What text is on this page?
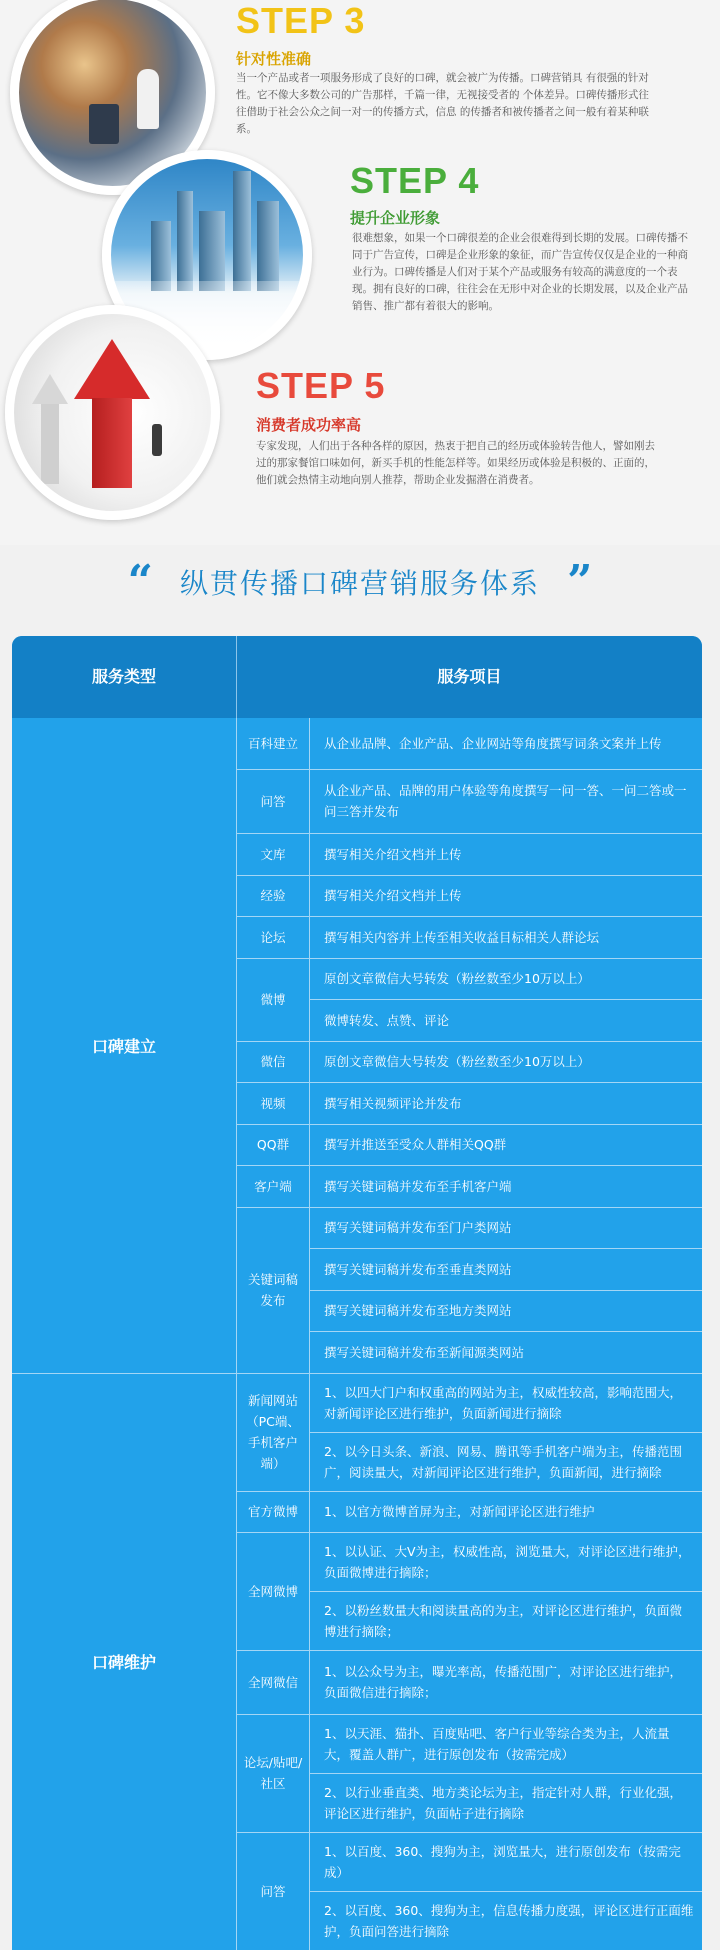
STEP 3
针对性准确
当一个产品或者一项服务形成了良好的口碑，就会被广为传播。口碑营销具 有很强的针对性。它不像大多数公司的广告那样，千篇一律，无视接受者的 个体差异。口碑传播形式往往借助于社会公众之间一对一的传播方式，信息 的传播者和被传播者之间一般有着某种联系。
STEP 4
提升企业形象
很难想象，如果一个口碑很差的企业会很难得到长期的发展。口碑传播不同于广告宣传，口碑是企业形象的象征，而广告宣传仅仅是企业的一种商业行为。口碑传播是人们对于某个产品或服务有较高的满意度的一个表现。拥有良好的口碑，往往会在无形中对企业的长期发展，以及企业产品销售、推广都有着很大的影响。
STEP 5
消费者成功率高
专家发现，人们出于各种各样的原因，热衷于把自己的经历或体验转告他人，譬如刚去过的那家餐馆口味如何，新买手机的性能怎样等。如果经历或体验是积极的、正面的，他们就会热情主动地向别人推荐，帮助企业发掘潜在消费者。
“ 纵贯传播口碑营销服务体系 ”
服务类型	服务项目
口碑建立
口碑维护
百科建立
问答
文库
经验
论坛
微博
微信
视频
QQ群
客户端
关键词稿发布
新闻网站（PC端、手机客户端）
官方微博
全网微博
全网微信
论坛/贴吧/社区
问答
从企业品牌、企业产品、企业网站等角度撰写词条文案并上传
从企业产品、品牌的用户体验等角度撰写一问一答、一问二答或一问三答并发布
撰写相关介绍文档并上传
撰写相关介绍文档并上传
撰写相关内容并上传至相关收益目标相关人群论坛
原创文章微信大号转发（粉丝数至少10万以上）
微博转发、点赞、评论
原创文章微信大号转发（粉丝数至少10万以上）
撰写相关视频评论并发布
撰写并推送至受众人群相关QQ群
撰写关键词稿并发布至手机客户端
撰写关键词稿并发布至门户类网站
撰写关键词稿并发布至垂直类网站
撰写关键词稿并发布至地方类网站
撰写关键词稿并发布至新闻源类网站
1、以四大门户和权重高的网站为主，权威性较高，影响范围大，对新闻评论区进行维护，负面新闻进行摘除
2、以今日头条、新浪、网易、腾讯等手机客户端为主，传播范围广，阅读量大，对新闻评论区进行维护，负面新闻，进行摘除
1、以官方微博首屏为主，对新闻评论区进行维护
1、以认证、大V为主，权威性高，浏览量大，对评论区进行维护，负面微博进行摘除；
2、以粉丝数量大和阅读量高的为主，对评论区进行维护，负面微博进行摘除；
1、以公众号为主，曝光率高，传播范围广，对评论区进行维护，负面微信进行摘除；
1、以天涯、猫扑、百度贴吧、客户行业等综合类为主，人流量大，覆盖人群广，进行原创发布（按需完成）
2、以行业垂直类、地方类论坛为主，指定针对人群，行业化强，评论区进行维护，负面帖子进行摘除
1、以百度、360、搜狗为主，浏览量大，进行原创发布（按需完成）
2、以百度、360、搜狗为主，信息传播力度强，评论区进行正面维护，负面问答进行摘除
